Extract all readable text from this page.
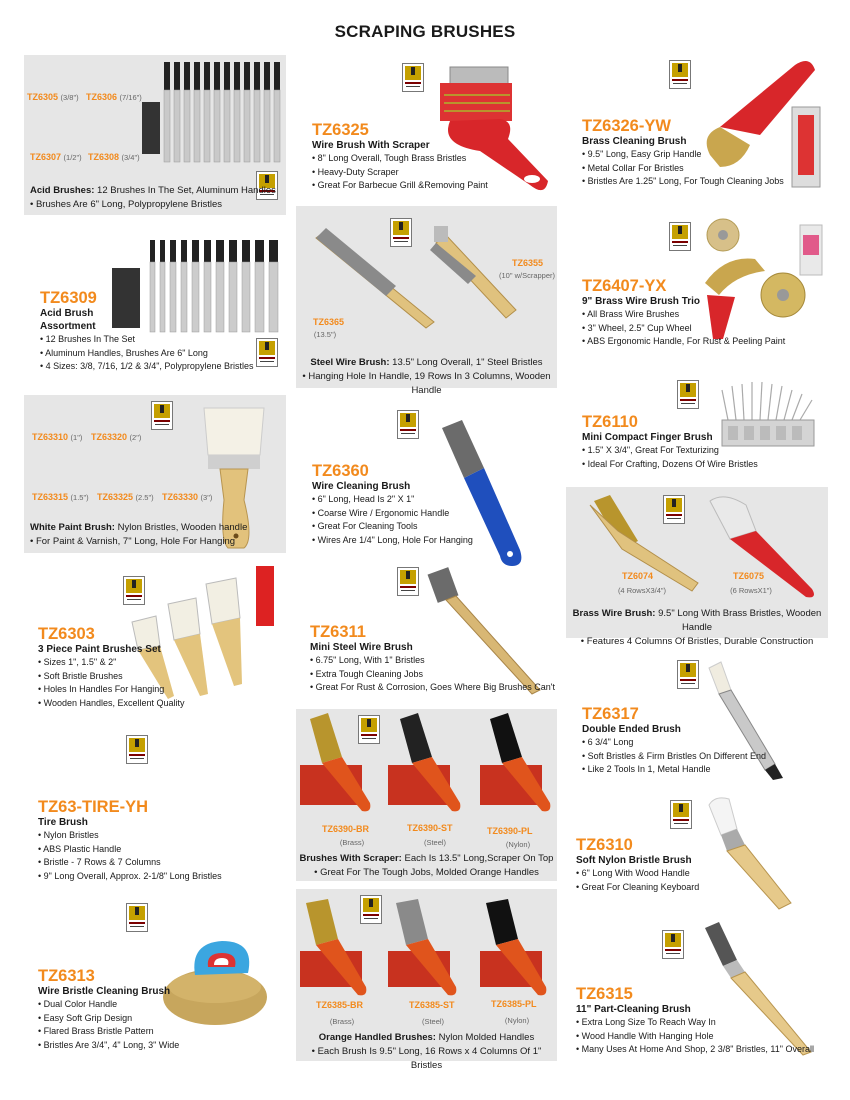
SCRAPING BRUSHES
TZ6305 (3/8") TZ6306 (7/16")
TZ6307 (1/2") TZ6308 (3/4")
Acid Brushes: 12 Brushes In The Set, Aluminum Handles
• Brushes Are 6" Long, Polypropylene Bristles
TZ6309
Acid Brush
Assortment
• 12 Brushes In The Set
• Aluminum Handles, Brushes Are 6" Long
• 4 Sizes: 3/8, 7/16, 1/2 & 3/4", Polypropylene Bristles
TZ63310 (1") TZ63320 (2")
TZ63315 (1.5") TZ63325 (2.5") TZ63330 (3")
White Paint Brush: Nylon Bristles, Wooden handle
• For Paint & Varnish, 7" Long, Hole For Hanging
TZ6303
3 Piece Paint Brushes Set
• Sizes 1", 1.5" & 2"
• Soft Bristle Brushes
• Holes In Handles For Hanging
• Wooden Handles, Excellent Quality
TZ63-TIRE-YH
Tire Brush
• Nylon Bristles
• ABS Plastic Handle
• Bristle - 7 Rows & 7 Columns
• 9" Long Overall, Approx. 2-1/8" Long Bristles
TZ6313
Wire Bristle Cleaning Brush
• Dual Color Handle
• Easy Soft Grip Design
• Flared Brass Bristle Pattern
• Bristles Are 3/4", 4" Long, 3" Wide
TZ6325
Wire Brush With Scraper
• 8" Long Overall, Tough Brass Bristles
• Heavy-Duty Scraper
• Great For Barbecue Grill &Removing Paint
TZ6355
(10" w/Scrapper)
TZ6365
(13.5")
Steel Wire Brush: 13.5" Long Overall, 1" Steel Bristles
• Hanging Hole In Handle, 19 Rows In 3 Columns, Wooden Handle
TZ6360
Wire Cleaning Brush
• 6" Long, Head Is 2" X 1"
• Coarse Wire / Ergonomic Handle
• Great For Cleaning Tools
• Wires Are 1/4" Long, Hole For Hanging
TZ6311
Mini Steel Wire Brush
• 6.75" Long, With 1" Bristles
• Extra Tough Cleaning Jobs
• Great For Rust & Corrosion, Goes Where Big Brushes Can't
TZ6390-BR
(Brass)
TZ6390-ST
(Steel)
TZ6390-PL
(Nylon)
Brushes With Scraper: Each Is 13.5" Long,Scraper On Top
• Great For The Tough Jobs, Molded Orange Handles
TZ6385-BR
(Brass)
TZ6385-ST
(Steel)
TZ6385-PL
(Nylon)
Orange Handled Brushes: Nylon Molded Handles
• Each Brush Is 9.5" Long, 16 Rows x 4 Columns Of 1" Bristles
TZ6326-YW
Brass Cleaning Brush
• 9.5" Long, Easy Grip Handle
• Metal Collar For Bristles
• Bristles Are 1.25" Long, For Tough Cleaning Jobs
TZ6407-YX
9" Brass Wire Brush Trio
• All Brass Wire Brushes
• 3" Wheel, 2.5" Cup Wheel
• ABS Ergonomic Handle, For Rust & Peeling Paint
TZ6110
Mini Compact Finger Brush
• 1.5" X 3/4", Great For Texturizing
• Ideal For Crafting, Dozens Of Wire Bristles
TZ6074
(4 RowsX3/4")
TZ6075
(6 RowsX1")
Brass Wire Brush: 9.5" Long With Brass Bristles, Wooden Handle
• Features 4 Columns Of Bristles, Durable Construction
TZ6317
Double Ended Brush
• 6 3/4" Long
• Soft Bristles & Firm Bristles On Different End
• Like 2 Tools In 1, Metal Handle
TZ6310
Soft Nylon Bristle Brush
• 6" Long With Wood Handle
• Great For Cleaning Keyboard
TZ6315
11" Part-Cleaning Brush
• Extra Long Size To Reach Way In
• Wood Handle With Hanging Hole
• Many Uses At Home And Shop, 2 3/8" Bristles, 11" Overall
